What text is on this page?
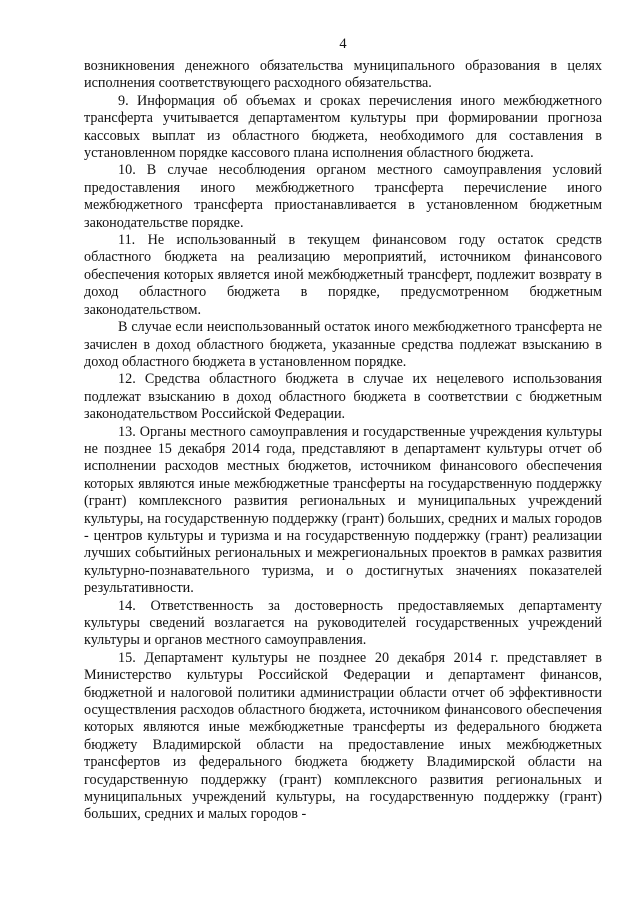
4

возникновения денежного обязательства муниципального образования в целях исполнения соответствующего расходного обязательства.

9. Информация об объемах и сроках перечисления иного межбюджетного трансферта учитывается департаментом культуры при формировании прогноза кассовых выплат из областного бюджета, необходимого для составления в установленном порядке кассового плана исполнения областного бюджета.

10. В случае несоблюдения органом местного самоуправления условий предоставления иного межбюджетного трансферта перечисление иного межбюджетного трансферта приостанавливается в установленном бюджетным законодательстве порядке.

11. Не использованный в текущем финансовом году остаток средств областного бюджета на реализацию мероприятий, источником финансового обеспечения которых является иной межбюджетный трансферт, подлежит возврату в доход областного бюджета в порядке, предусмотренном бюджетным законодательством.

В случае если неиспользованный остаток иного межбюджетного трансферта не зачислен в доход областного бюджета, указанные средства подлежат взысканию в доход областного бюджета в установленном порядке.

12. Средства областного бюджета в случае их нецелевого использования подлежат взысканию в доход областного бюджета в соответствии с бюджетным законодательством Российской Федерации.

13. Органы местного самоуправления и государственные учреждения культуры не позднее 15 декабря 2014 года, представляют в департамент культуры отчет об исполнении расходов местных бюджетов, источником финансового обеспечения которых являются иные межбюджетные трансферты на государственную поддержку (грант) комплексного развития региональных и муниципальных учреждений культуры, на государственную поддержку (грант) больших, средних и малых городов - центров культуры и туризма и на государственную поддержку (грант) реализации лучших событийных региональных и межрегиональных проектов в рамках развития культурно-познавательного туризма, и о достигнутых значениях показателей результативности.

14. Ответственность за достоверность предоставляемых департаменту культуры сведений возлагается на руководителей государственных учреждений культуры и органов местного самоуправления.

15. Департамент культуры не позднее 20 декабря 2014 г. представляет в Министерство культуры Российской Федерации и департамент финансов, бюджетной и налоговой политики администрации области отчет об эффективности осуществления расходов областного бюджета, источником финансового обеспечения которых являются иные межбюджетные трансферты из федерального бюджета бюджету Владимирской области на предоставление иных межбюджетных трансфертов из федерального бюджета бюджету Владимирской области на государственную поддержку (грант) комплексного развития региональных и муниципальных учреждений культуры, на государственную поддержку (грант) больших, средних и малых городов -
